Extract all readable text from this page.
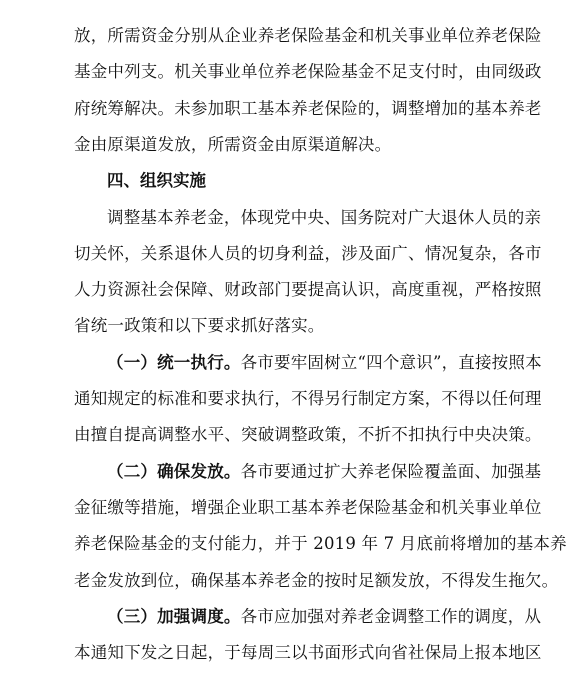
放，所需资金分别从企业养老保险基金和机关事业单位养老保险
基金中列支。机关事业单位养老保险基金不足支付时，由同级政
府统筹解决。未参加职工基本养老保险的，调整增加的基本养老
金由原渠道发放，所需资金由原渠道解决。
四、组织实施
调整基本养老金，体现党中央、国务院对广大退休人员的亲
切关怀，关系退休人员的切身利益，涉及面广、情况复杂，各市
人力资源社会保障、财政部门要提高认识，高度重视，严格按照
省统一政策和以下要求抓好落实。
（一）统一执行。各市要牢固树立“四个意识”，直接按照本
通知规定的标准和要求执行，不得另行制定方案，不得以任何理
由擅自提高调整水平、突破调整政策，不折不扣执行中央决策。
（二）确保发放。各市要通过扩大养老保险覆盖面、加强基
金征缴等措施，增强企业职工基本养老保险基金和机关事业单位
养老保险基金的支付能力，并于 2019 年 7 月底前将增加的基本养
老金发放到位，确保基本养老金的按时足额发放，不得发生拖欠。
（三）加强调度。各市应加强对养老金调整工作的调度，从
本通知下发之日起，于每周三以书面形式向省社保局上报本地区
